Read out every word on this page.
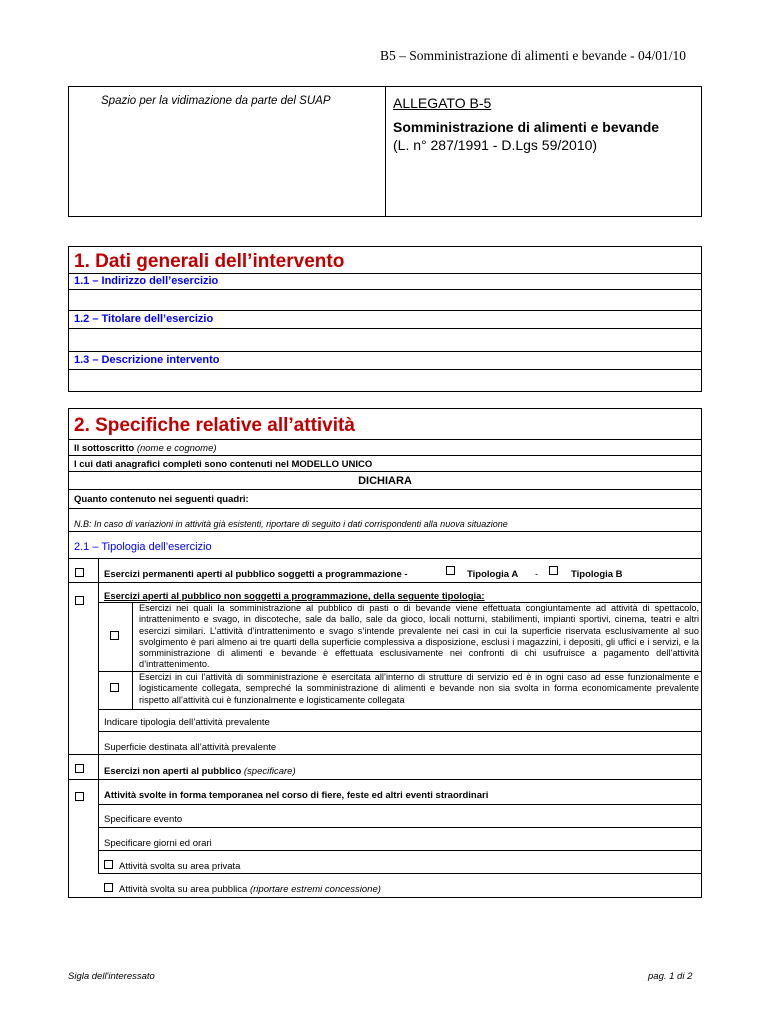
B5 – Somministrazione di alimenti e bevande - 04/01/10
Spazio per la vidimazione da parte del SUAP	ALLEGATO B-5
Somministrazione di alimenti e bevande
(L. n° 287/1991 - D.Lgs 59/2010)
1. Dati generali dell’intervento
1.1 – Indirizzo dell’esercizio
1.2 – Titolare dell’esercizio
1.3 – Descrizione intervento
2. Specifiche relative all’attività
Il sottoscritto (nome e cognome)
I cui dati anagrafici completi sono contenuti nel MODELLO UNICO
DICHIARA
Quanto contenuto nei seguenti quadri:
N.B: In caso di variazioni in attività già esistenti, riportare di seguito i dati corrispondenti alla nuova situazione
2.1 – Tipologia dell’esercizio
Esercizi permanenti aperti al pubblico soggetti a programmazione -	Tipologia A -	Tipologia B
Esercizi aperti al pubblico non soggetti a programmazione, della seguente tipologia:
Esercizi nei quali la somministrazione al pubblico di pasti o di bevande viene effettuata congiuntamente ad attività di spettacolo, intrattenimento e svago, in discoteche, sale da ballo, sale da gioco, locali notturni, stabilimenti, impianti sportivi, cinema, teatri e altri esercizi similari. L’attività d’intrattenimento e svago s’intende prevalente nei casi in cui la superficie riservata esclusivamente al suo svolgimento è pari almeno ai tre quarti della superficie complessiva a disposizione, esclusi i magazzini, i depositi, gli uffici e i servizi, e la somministrazione di alimenti e bevande è effettuata esclusivamente nei confronti di chi usufruisce a pagamento dell’attività d’intrattenimento.
Esercizi in cui l’attività di somministrazione è esercitata all’interno di strutture di servizio ed è in ogni caso ad esse funzionalmente e logisticamente collegata, sempreché la somministrazione di alimenti e bevande non sia svolta in forma economicamente prevalente rispetto all’attività cui è funzionalmente e logisticamente collegata
Indicare tipologia dell’attività prevalente
Superficie destinata all’attività prevalente
Esercizi non aperti al pubblico (specificare)
Attività svolte in forma temporanea nel corso di fiere, feste ed altri eventi straordinari
Specificare evento
Specificare giorni ed orari
Attività svolta su area privata
Attività svolta su area pubblica (riportare estremi concessione)
Sigla dell'interessato	pag. 1 di 2
